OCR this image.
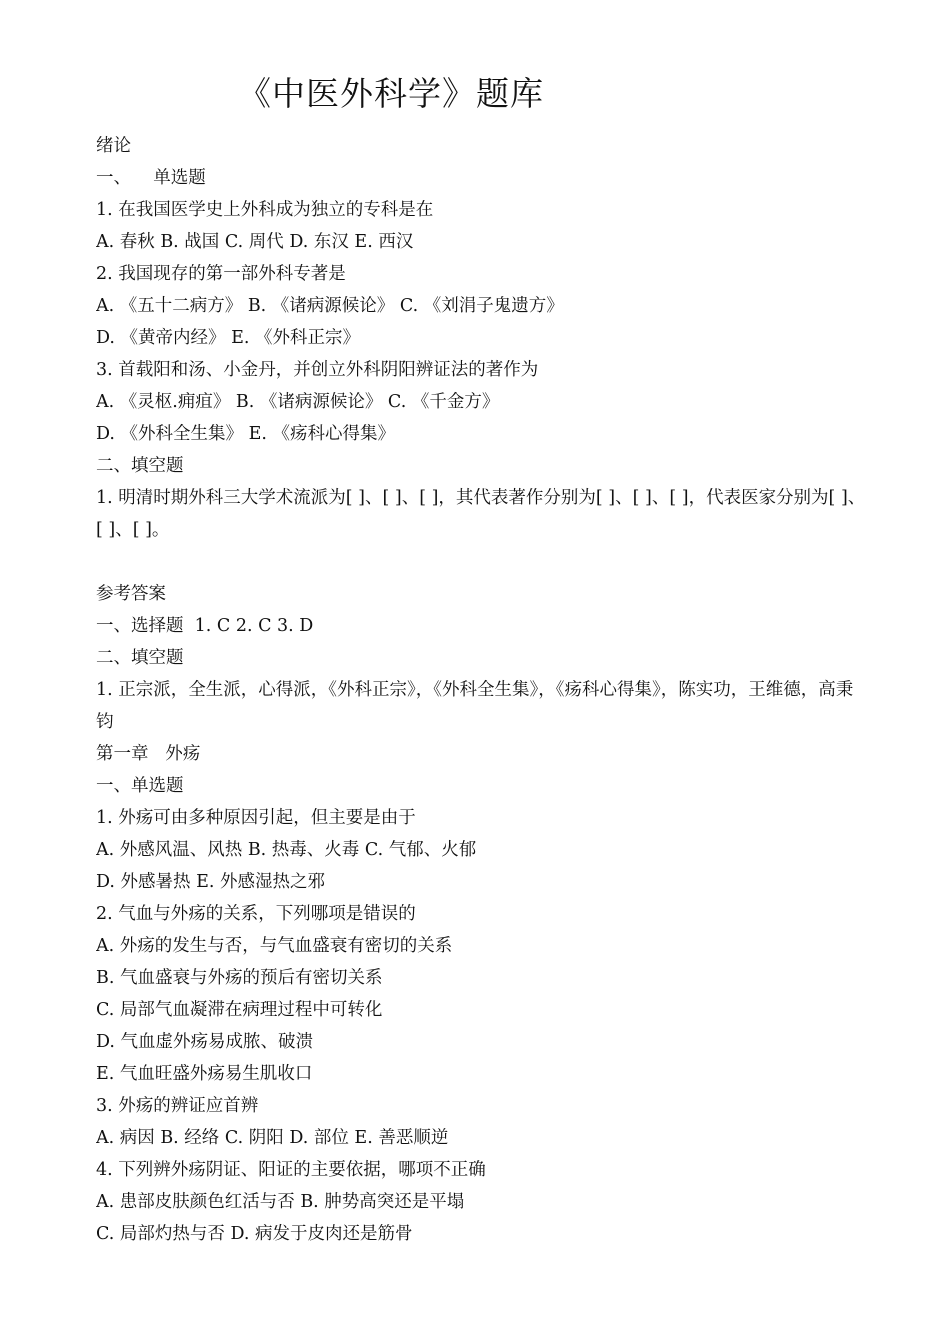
《中医外科学》题库
绪论
一、    单选题
1. 在我国医学史上外科成为独立的专科是在
A. 春秋 B. 战国 C. 周代 D. 东汉 E. 西汉
2. 我国现存的第一部外科专著是
A. 《五十二病方》 B. 《诸病源候论》 C. 《刘涓子鬼遗方》
D. 《黄帝内经》 E. 《外科正宗》
3. 首载阳和汤、小金丹，并创立外科阴阳辨证法的著作为
A. 《灵枢.痈疽》 B. 《诸病源候论》 C. 《千金方》
D. 《外科全生集》 E. 《疡科心得集》
二、填空题
1. 明清时期外科三大学术流派为[ ]、[ ]、[ ]，其代表著作分别为[ ]、[ ]、[ ]，代表医家分别为[ ]、
[ ]、[ ]。
参考答案
一、选择题  1. C 2. C 3. D
二、填空题
1. 正宗派，全生派，心得派，《外科正宗》，《外科全生集》，《疡科心得集》，陈实功，王维德，高秉
钧
第一章   外疡
一、单选题
1. 外疡可由多种原因引起，但主要是由于
A. 外感风温、风热 B. 热毒、火毒 C. 气郁、火郁
D. 外感暑热 E. 外感湿热之邪
2. 气血与外疡的关系，下列哪项是错误的
A. 外疡的发生与否，与气血盛衰有密切的关系
B. 气血盛衰与外疡的预后有密切关系
C. 局部气血凝滞在病理过程中可转化
D. 气血虚外疡易成脓、破溃
E. 气血旺盛外疡易生肌收口
3. 外疡的辨证应首辨
A. 病因 B. 经络 C. 阴阳 D. 部位 E. 善恶顺逆
4. 下列辨外疡阴证、阳证的主要依据，哪项不正确
A. 患部皮肤颜色红活与否 B. 肿势高突还是平塌
C. 局部灼热与否 D. 病发于皮肉还是筋骨
